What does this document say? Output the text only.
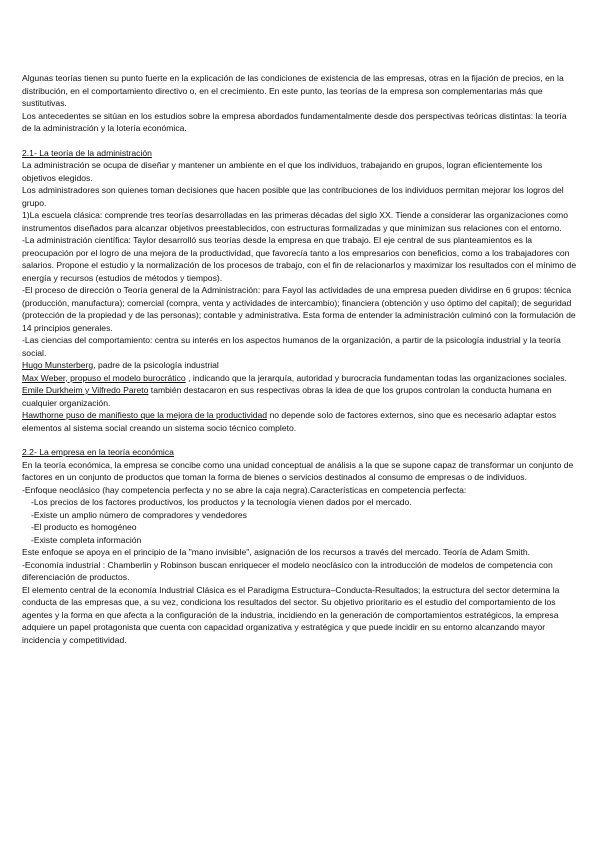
Algunas teorías tienen su punto fuerte en la explicación de las condiciones de existencia de las empresas, otras en la fijación de precios, en la distribución, en el comportamiento directivo o, en el crecimiento. En este punto, las teorías de la empresa son complementarias más que sustitutivas.

Los antecedentes se sitúan en los estudios sobre la empresa abordados fundamentalmente desde dos perspectivas teóricas distintas: la teoría de la administración y la lotería económica.

2.1- La teoría de la administración

La administración se ocupa de diseñar y mantener un ambiente en el que los individuos, trabajando en grupos, logran eficientemente los objetivos elegidos.

Los administradores son quienes toman decisiones que hacen posible que las contribuciones de los individuos permitan mejorar los logros del grupo.

1)La escuela clásica: comprende tres teorías desarrolladas en las primeras décadas del siglo XX. Tiende a considerar las organizaciones como instrumentos diseñados para alcanzar objetivos preestablecidos, con estructuras formalizadas y que minimizan sus relaciones con el entorno.

-La administración científica: Taylor desarrolló sus teorías desde la empresa en que trabajo. El eje central de sus planteamientos es la preocupación por el logro de una mejora de la productividad, que favorecía tanto a los empresarios con beneficios, como a los trabajadores con salarios. Propone el estudio y la normalización de los procesos de trabajo, con el fin de relacionarlos y maximizar los resultados con el mínimo de energía y recursos (estudios de métodos y tiempos).

-El proceso de dirección o Teoría general de la Administración: para Fayol las actividades de una empresa pueden dividirse en 6 grupos: técnica (producción, manufactura); comercial (compra, venta y actividades de intercambio); financiera (obtención y uso óptimo del capital); de seguridad (protección de la propiedad y de las personas); contable y administrativa. Esta forma de entender la administración culminó con la formulación de 14 principios generales.

-Las ciencias del comportamiento: centra su interés en los aspectos humanos de la organización, a partir de la psicología industrial y la teoría social.

Hugo Munsterberg, padre de la psicología industrial

Max Weber, propuso el modelo burocrático , indicando que la jerarquía, autoridad y burocracia fundamentan todas las organizaciones sociales.

Emile Durkheim y Vilfredo Pareto también destacaron en sus respectivas obras la idea de que los grupos controlan la conducta humana en cualquier organización.

Hawthorne puso de manifiesto que la mejora de la productividad no depende solo de factores externos, sino que es necesario adaptar estos elementos al sistema social creando un sistema socio técnico completo.

2.2- La empresa en la teoría económica

En la teoría económica, la empresa se concibe como una unidad conceptual de análisis a la que se supone capaz de transformar un conjunto de factores en un conjunto de productos que toman la forma de bienes o servicios destinados al consumo de empresas o de individuos.

-Enfoque neoclásico (hay competencia perfecta y no se abre la caja negra).Características en competencia perfecta:

-Los precios de los factores productivos, los productos y la tecnología vienen dados por el mercado.

-Existe un amplio número de compradores y vendedores

-El producto es homogéneo

-Existe completa información

Este enfoque se apoya en el principio de la "mano invisible", asignación de los recursos a través del mercado. Teoría de Adam Smith.

-Economía industrial : Chamberlin y Robinson buscan enriquecer el modelo neoclásico con la introducción de modelos de competencia con diferenciación de productos.

El elemento central de la economía Industrial Clásica es el Paradigma Estructura–Conducta-Resultados; la estructura del sector determina la conducta de las empresas que, a su vez, condiciona los resultados del sector. Su objetivo prioritario es el estudio del comportamiento de los agentes y la forma en que afecta a la configuración de la industria, incidiendo en la generación de comportamientos estratégicos, la empresa adquiere un papel protagonista que cuenta con capacidad organizativa y estratégica y que puede incidir en su entorno alcanzando mayor incidencia y competitividad.
